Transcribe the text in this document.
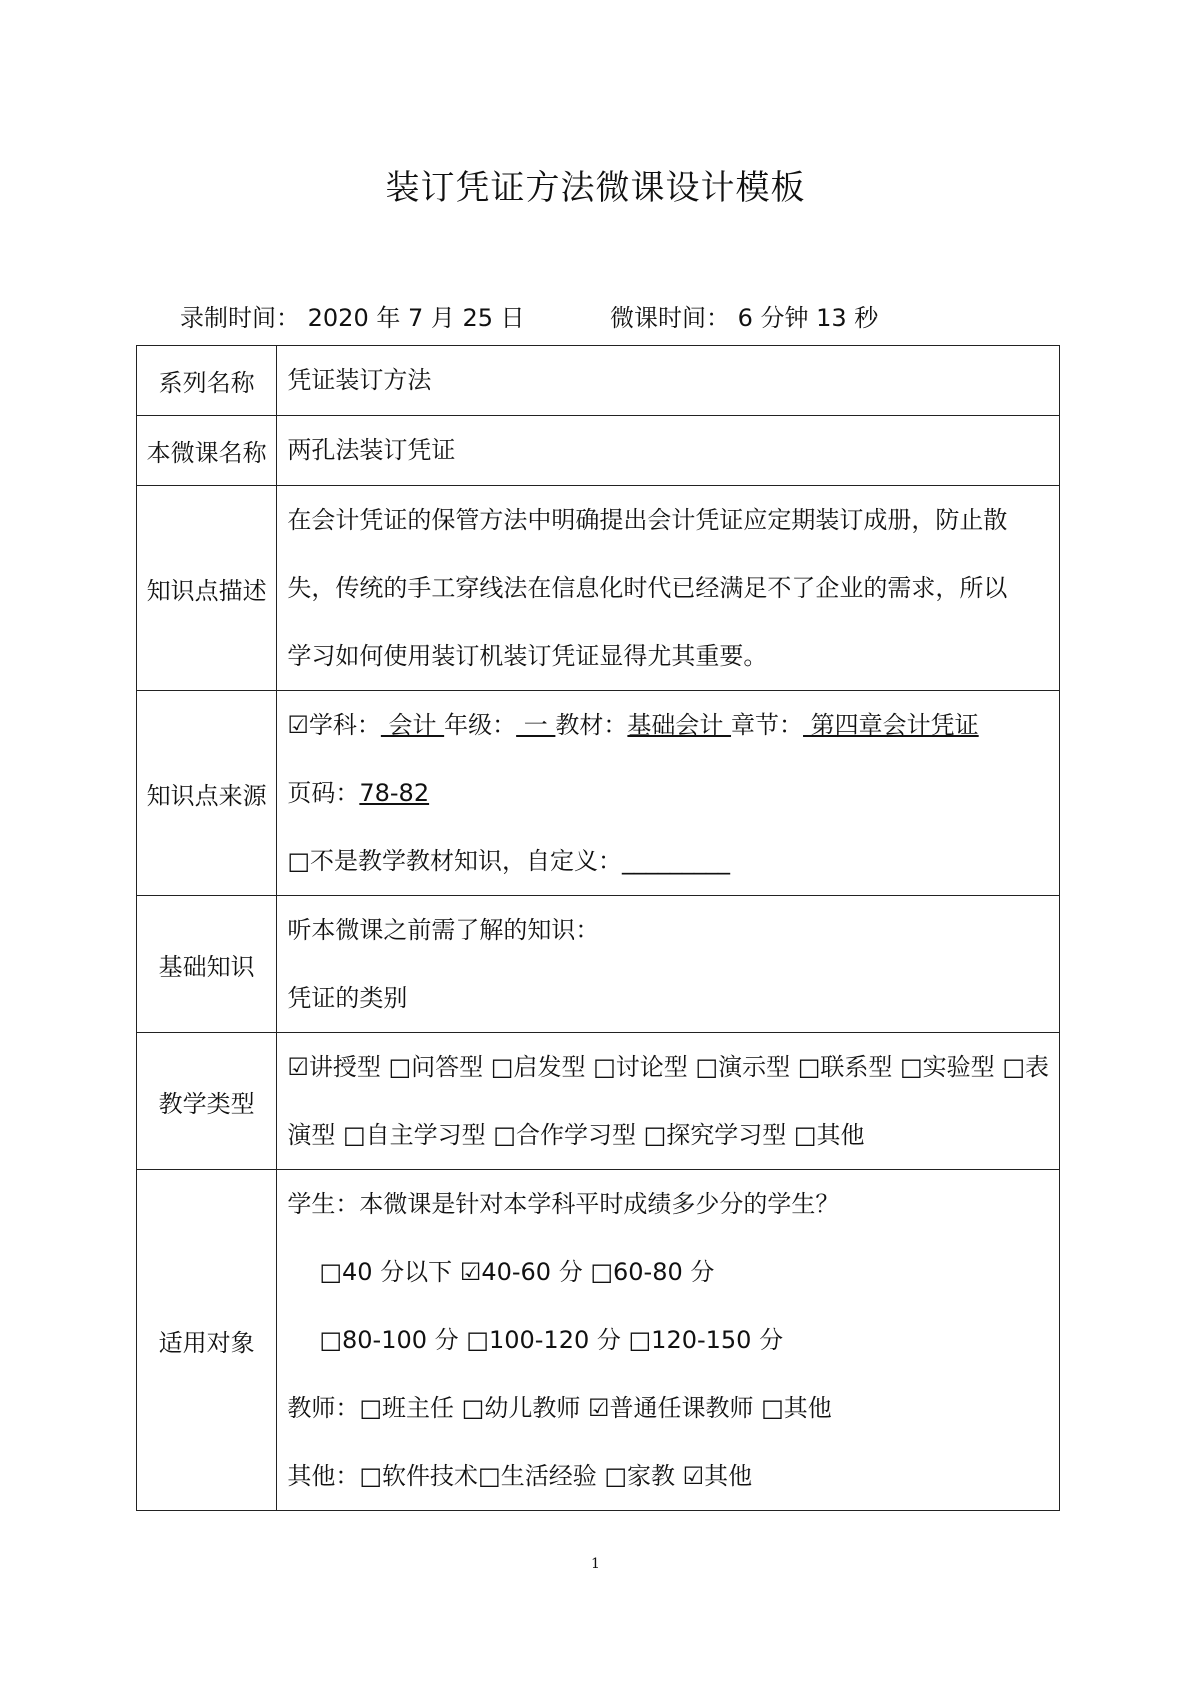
装订凭证方法微课设计模板
录制时间： 2020 年 7 月 25 日	微课时间： 6 分钟 13 秒
系列名称	凭证装订方法

本微课名称	两孔法装订凭证

知识点描述	在会计凭证的保管方法中明确提出会计凭证应定期装订成册，防止散
失，传统的手工穿线法在信息化时代已经满足不了企业的需求，所以
学习如何使用装订机装订凭证显得尤其重要。

知识点来源	☑学科： 会计 年级： 一 教材：基础会计 章节： 第四章会计凭证
页码：78-82
□不是教学教材知识，自定义：_________

基础知识	听本微课之前需了解的知识：
凭证的类别

教学类型	☑讲授型 □问答型 □启发型 □讨论型 □演示型 □联系型 □实验型 □表
演型 □自主学习型 □合作学习型 □探究学习型 □其他

适用对象	学生：本微课是针对本学科平时成绩多少分的学生？
□40 分以下 ☑40-60 分 □60-80 分
□80-100 分 □100-120 分 □120-150 分
教师：□班主任 □幼儿教师 ☑普通任课教师 □其他
其他：□软件技术□生活经验 □家教 ☑其他
1
